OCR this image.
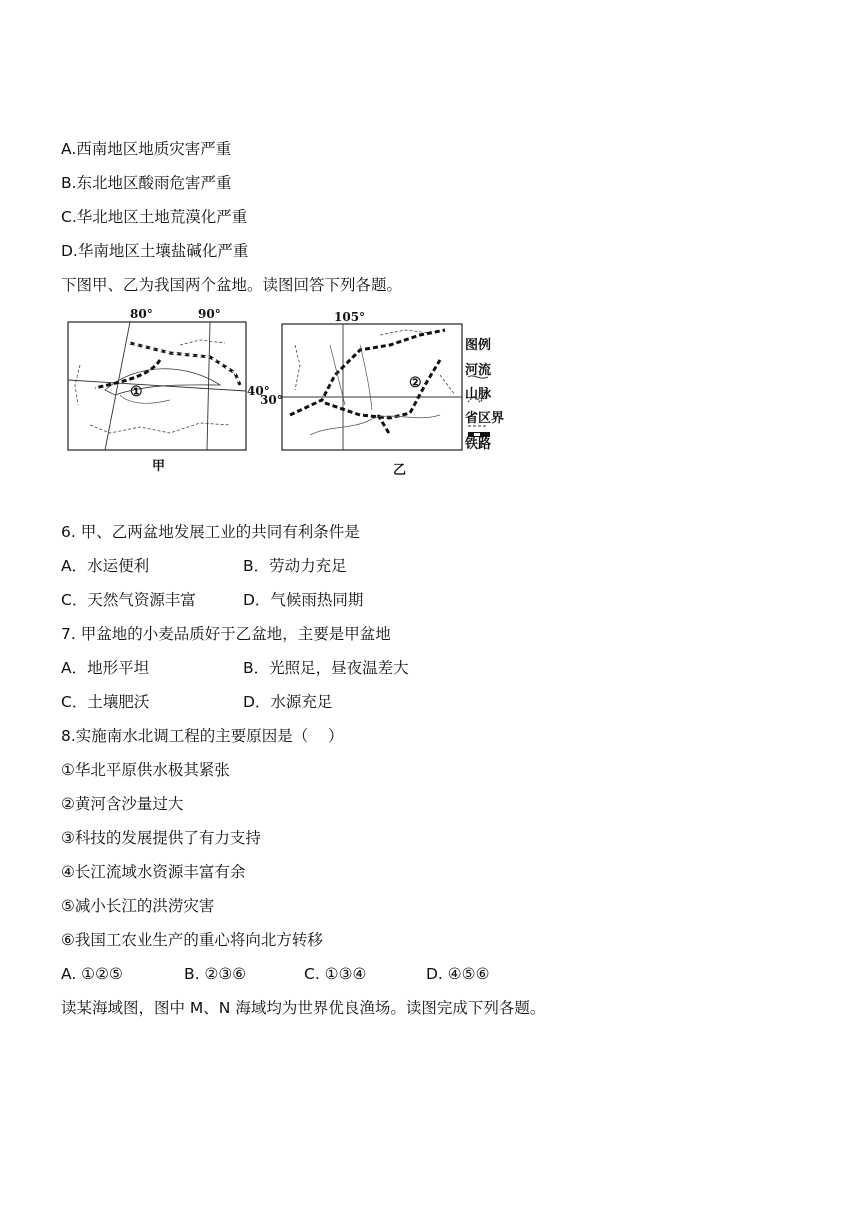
A.西南地区地质灾害严重
B.东北地区酸雨危害严重
C.华北地区土地荒漠化严重
D.华南地区土壤盐碱化严重
下图甲、乙为我国两个盆地。读图回答下列各题。
80°	90°
40°
①
甲
105°
30°
②
乙
图例
河流
山脉
省区界
铁路
6. 甲、乙两盆地发展工业的共同有利条件是
A．水运便利	B．劳动力充足
C．天然气资源丰富	D．气候雨热同期
7. 甲盆地的小麦品质好于乙盆地，主要是甲盆地
A．地形平坦	B．光照足，昼夜温差大
C．土壤肥沃	D．水源充足
8.实施南水北调工程的主要原因是（    ）
①华北平原供水极其紧张
②黄河含沙量过大
③科技的发展提供了有力支持
④长江流域水资源丰富有余
⑤减小长江的洪涝灾害
⑥我国工农业生产的重心将向北方转移
A. ①②⑤	B. ②③⑥	C. ①③④	D. ④⑤⑥
读某海域图，图中 M、N 海域均为世界优良渔场。读图完成下列各题。
